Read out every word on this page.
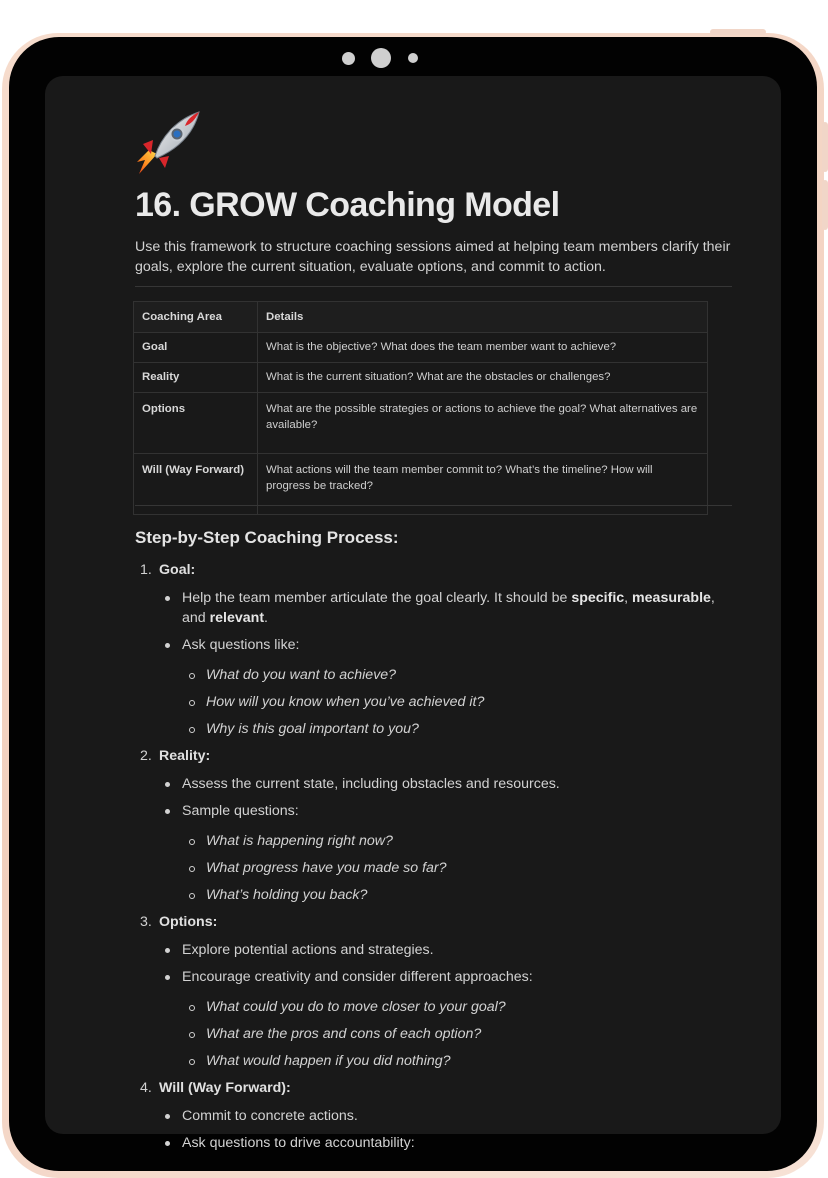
16. GROW Coaching Model

Use this framework to structure coaching sessions aimed at helping team members clarify their goals, explore the current situation, evaluate options, and commit to action.

Coaching Area	Details
Goal	What is the objective? What does the team member want to achieve?
Reality	What is the current situation? What are the obstacles or challenges?
Options	What are the possible strategies or actions to achieve the goal? What alternatives are available?
Will (Way Forward)	What actions will the team member commit to? What’s the timeline? How will progress be tracked?
Step-by-Step Coaching Process:
1. Goal:
Help the team member articulate the goal clearly. It should be specific, measurable, and relevant.
Ask questions like:
What do you want to achieve?
How will you know when you’ve achieved it?
Why is this goal important to you?
2. Reality:
Assess the current state, including obstacles and resources.
Sample questions:
What is happening right now?
What progress have you made so far?
What’s holding you back?
3. Options:
Explore potential actions and strategies.
Encourage creativity and consider different approaches:
What could you do to move closer to your goal?
What are the pros and cons of each option?
What would happen if you did nothing?
4. Will (Way Forward):
Commit to concrete actions.
Ask questions to drive accountability:
